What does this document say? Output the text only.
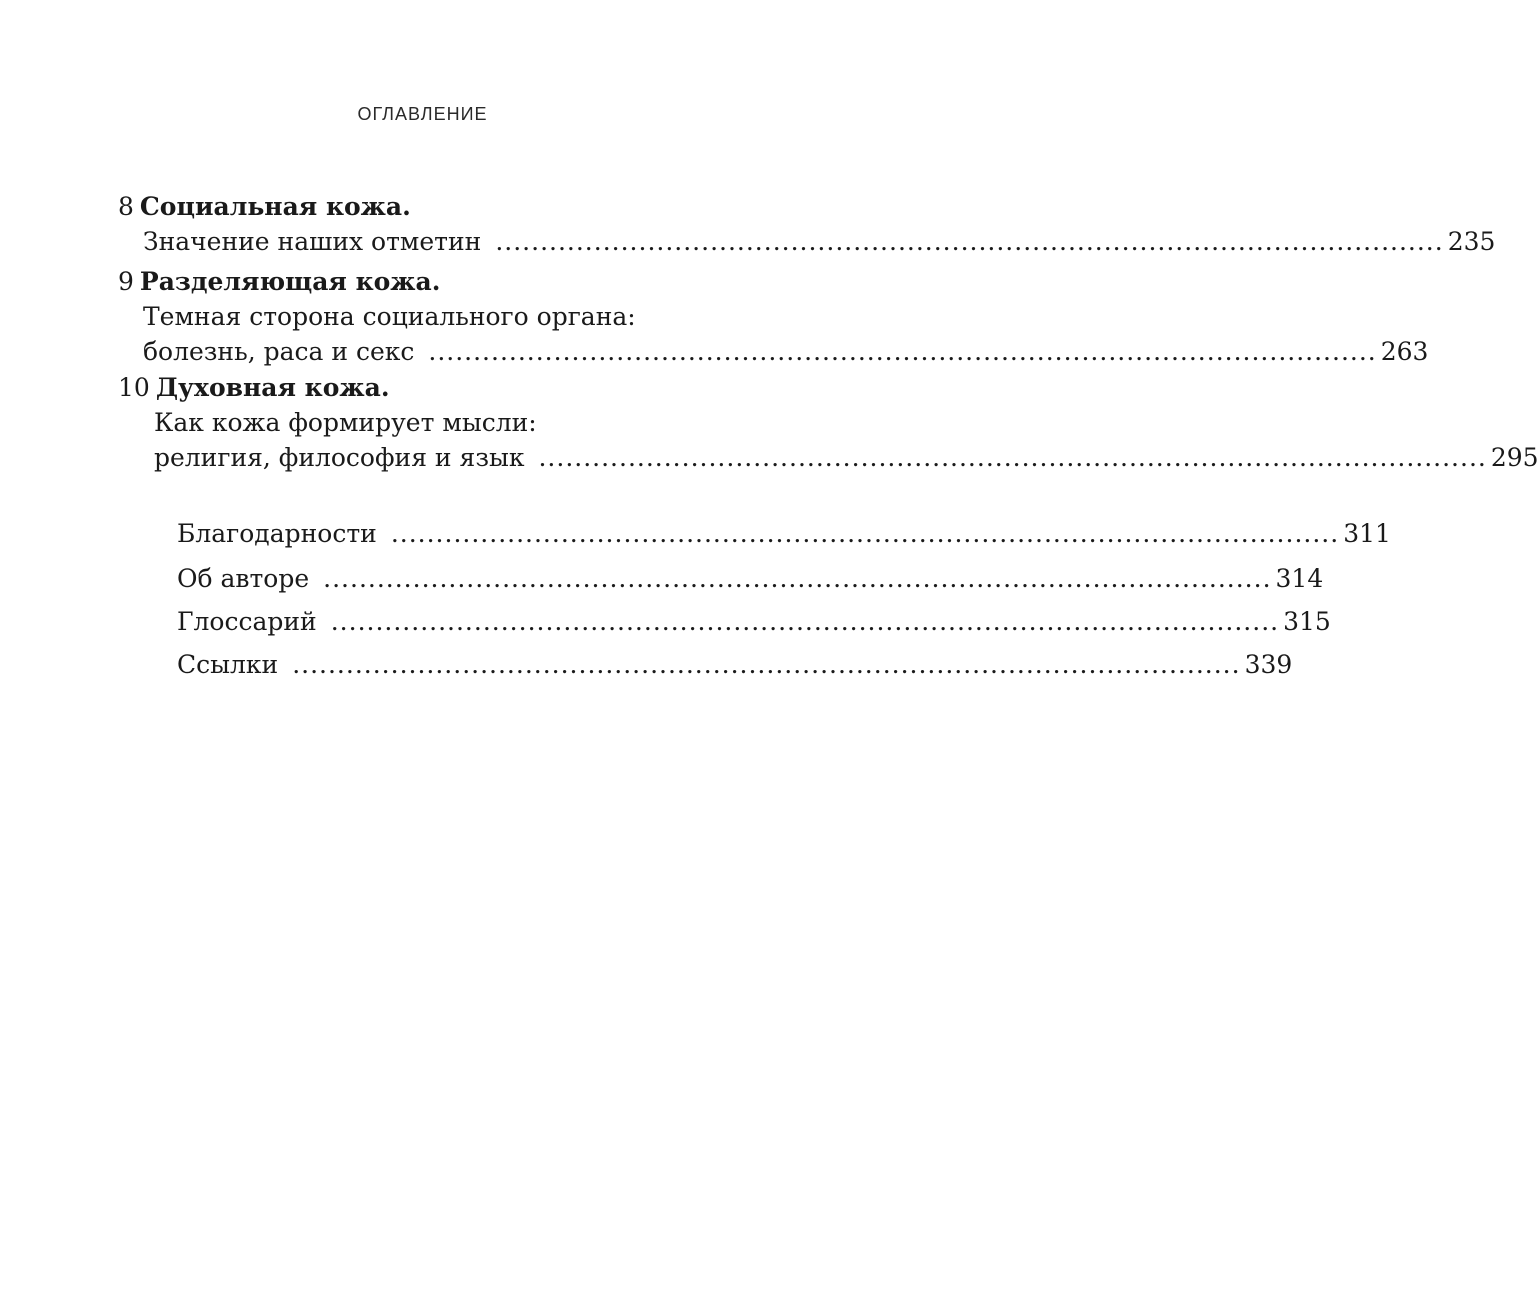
ОГЛАВЛЕНИЕ
8 Социальная кожа.
Значение наших отметин .......................................................................................................... 235
9 Разделяющая кожа.
Темная сторона социального органа:
болезнь, раса и секс .......................................................................................................... 263
10 Духовная кожа.
Как кожа формирует мысли:
религия, философия и язык .......................................................................................................... 295
Благодарности .......................................................................................................... 311
Об авторе .......................................................................................................... 314
Глоссарий .......................................................................................................... 315
Ссылки .......................................................................................................... 339
